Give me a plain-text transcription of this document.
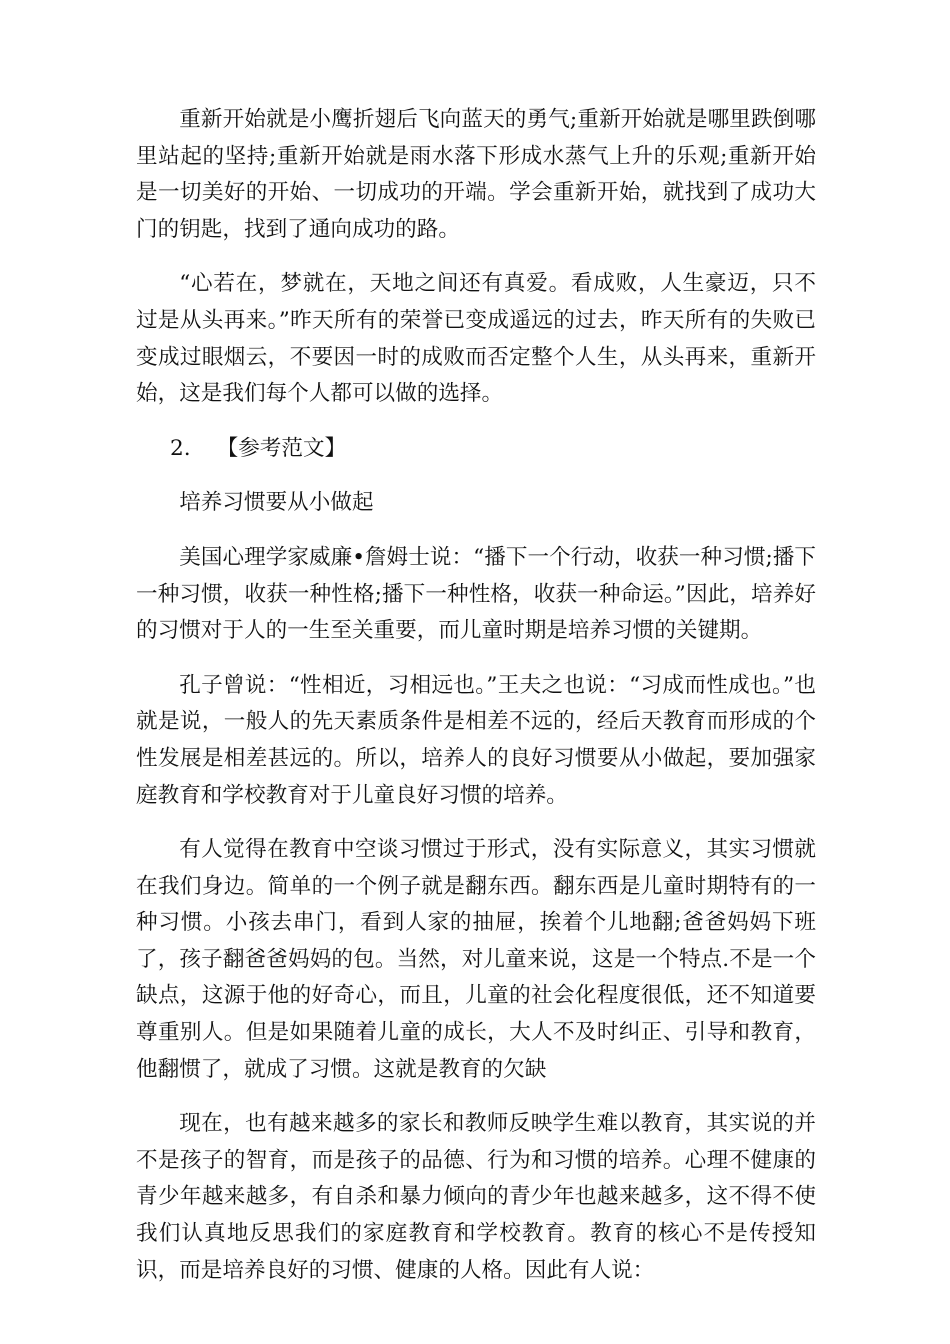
重新开始就是小鹰折翅后飞向蓝天的勇气;重新开始就是哪里跌倒哪里站起的坚持;重新开始就是雨水落下形成水蒸气上升的乐观;重新开始是一切美好的开始、一切成功的开端。学会重新开始，就找到了成功大门的钥匙，找到了通向成功的路。

“心若在，梦就在，天地之间还有真爱。看成败，人生豪迈，只不过是从头再来。”昨天所有的荣誉已变成遥远的过去，昨天所有的失败已变成过眼烟云，不要因一时的成败而否定整个人生，从头再来，重新开始，这是我们每个人都可以做的选择。

2. 【参考范文】

培养习惯要从小做起

美国心理学家威廉•詹姆士说：“播下一个行动，收获一种习惯;播下一种习惯，收获一种性格;播下一种性格，收获一种命运。”因此，培养好的习惯对于人的一生至关重要，而儿童时期是培养习惯的关键期。

孔子曾说：“性相近，习相远也。”王夫之也说：“习成而性成也。”也就是说，一般人的先天素质条件是相差不远的，经后天教育而形成的个性发展是相差甚远的。所以，培养人的良好习惯要从小做起，要加强家庭教育和学校教育对于儿童良好习惯的培养。

有人觉得在教育中空谈习惯过于形式，没有实际意义，其实习惯就在我们身边。简单的一个例子就是翻东西。翻东西是儿童时期特有的一种习惯。小孩去串门，看到人家的抽屉，挨着个儿地翻;爸爸妈妈下班了，孩子翻爸爸妈妈的包。当然，对儿童来说，这是一个特点.不是一个缺点，这源于他的好奇心，而且，儿童的社会化程度很低，还不知道要尊重别人。但是如果随着儿童的成长，大人不及时纠正、引导和教育，他翻惯了，就成了习惯。这就是教育的欠缺

现在，也有越来越多的家长和教师反映学生难以教育，其实说的并不是孩子的智育，而是孩子的品德、行为和习惯的培养。心理不健康的青少年越来越多，有自杀和暴力倾向的青少年也越来越多，这不得不使我们认真地反思我们的家庭教育和学校教育。教育的核心不是传授知识，而是培养良好的习惯、健康的人格。因此有人说：
